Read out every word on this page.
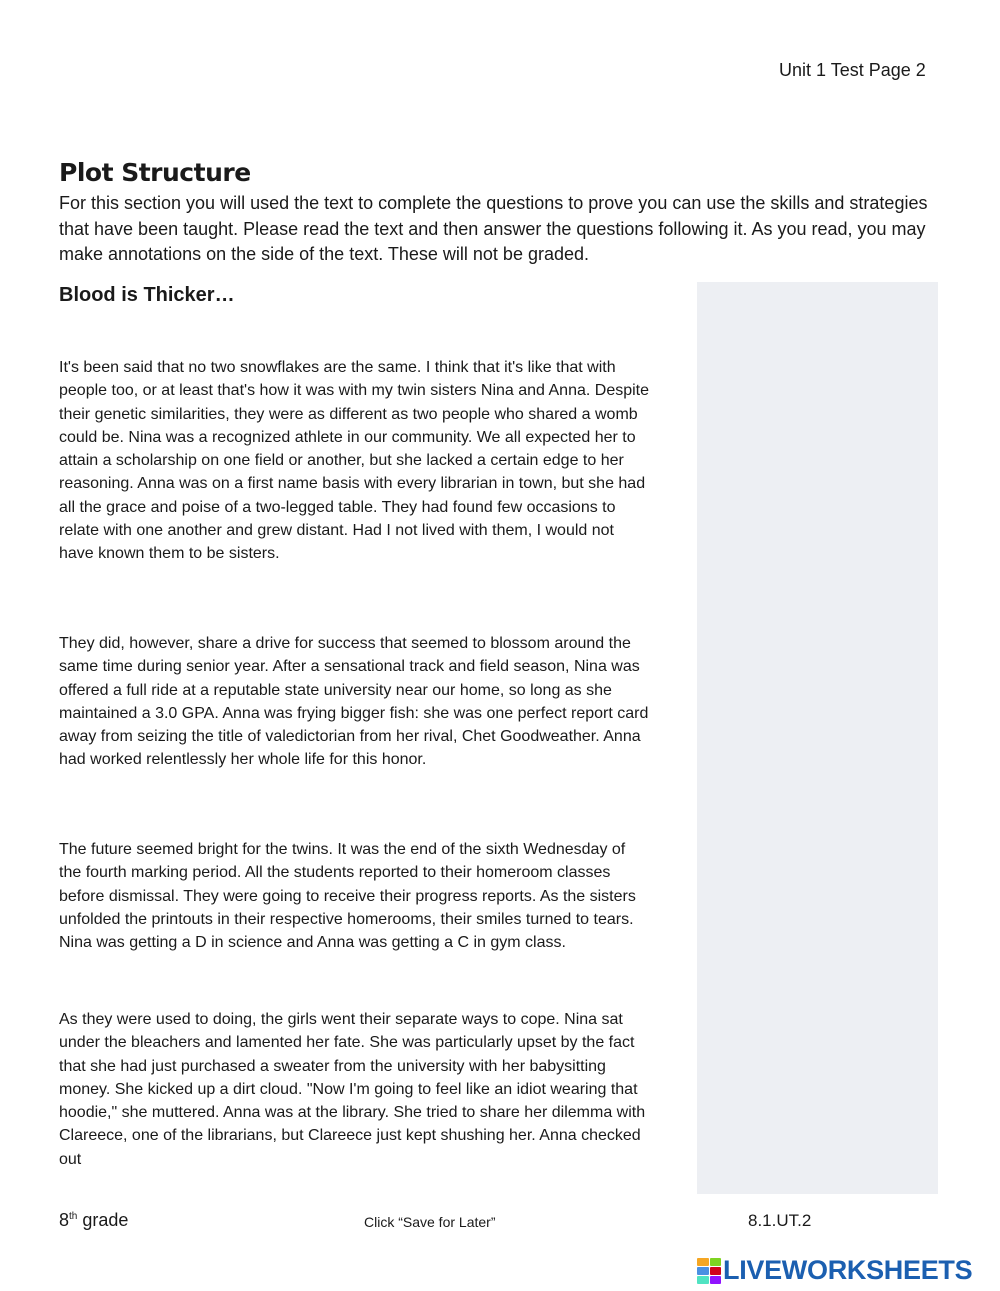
Unit 1 Test Page 2
Plot Structure
For this section you will used the text to complete the questions to prove you can use the skills and strategies that have been taught. Please read the text and then answer the questions following it. As you read, you may make annotations on the side of the text. These will not be graded.
Blood is Thicker…

It's been said that no two snowflakes are the same. I think that it's like that with people too, or at least that's how it was with my twin sisters Nina and Anna. Despite their genetic similarities, they were as different as two people who shared a womb could be. Nina was a recognized athlete in our community. We all expected her to attain a scholarship on one field or another, but she lacked a certain edge to her reasoning. Anna was on a first name basis with every librarian in town, but she had all the grace and poise of a two-legged table. They had found few occasions to relate with one another and grew distant. Had I not lived with them, I would not have known them to be sisters.

They did, however, share a drive for success that seemed to blossom around the same time during senior year. After a sensational track and field season, Nina was offered a full ride at a reputable state university near our home, so long as she maintained a 3.0 GPA. Anna was frying bigger fish: she was one perfect report card away from seizing the title of valedictorian from her rival, Chet Goodweather. Anna had worked relentlessly her whole life for this honor.

The future seemed bright for the twins. It was the end of the sixth Wednesday of the fourth marking period. All the students reported to their homeroom classes before dismissal. They were going to receive their progress reports. As the sisters unfolded the printouts in their respective homerooms, their smiles turned to tears. Nina was getting a D in science and Anna was getting a C in gym class.

As they were used to doing, the girls went their separate ways to cope. Nina sat under the bleachers and lamented her fate. She was particularly upset by the fact that she had just purchased a sweater from the university with her babysitting money. She kicked up a dirt cloud. "Now I'm going to feel like an idiot wearing that hoodie," she muttered. Anna was at the library. She tried to share her dilemma with Clareece, one of the librarians, but Clareece just kept shushing her. Anna checked out

8th grade	Click “Save for Later”	8.1.UT.2
LIVEWORKSHEETS
